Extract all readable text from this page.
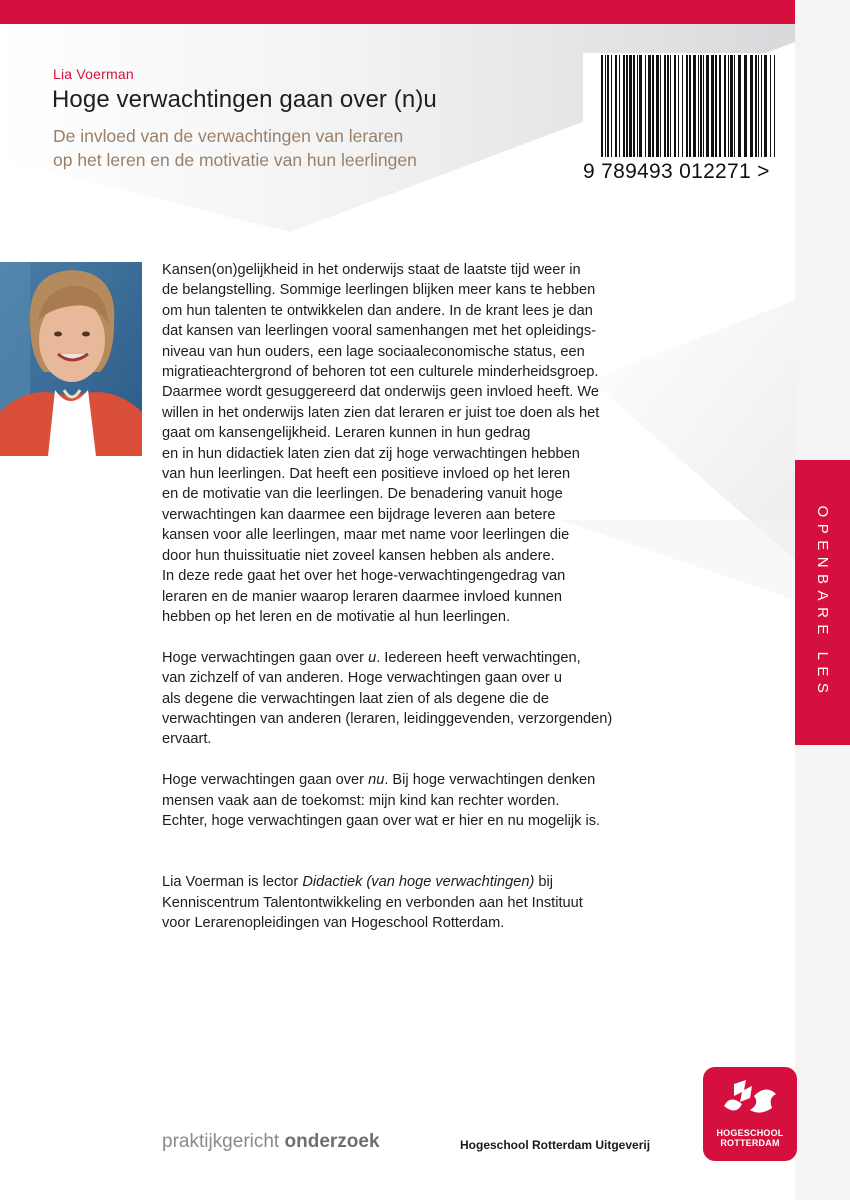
Lia Voerman
Hoge verwachtingen gaan over (n)u
De invloed van de verwachtingen van leraren
op het leren en de motivatie van hun leerlingen	9 789493 012271 >

Kansen(on)gelijkheid in het onderwijs staat de laatste tijd weer in
de belangstelling. Sommige leerlingen blijken meer kans te hebben
om hun talenten te ontwikkelen dan andere. In de krant lees je dan
dat kansen van leerlingen vooral samenhangen met het opleidings-
niveau van hun ouders, een lage sociaaleconomische status, een
migratieachtergrond of behoren tot een culturele minderheidsgroep.
Daarmee wordt gesuggereerd dat onderwijs geen invloed heeft. We
willen in het onderwijs laten zien dat leraren er juist toe doen als het
gaat om kansengelijkheid. Leraren kunnen in hun gedrag
en in hun didactiek laten zien dat zij hoge verwachtingen hebben
van hun leerlingen. Dat heeft een positieve invloed op het leren
en de motivatie van die leerlingen. De benadering vanuit hoge
verwachtingen kan daarmee een bijdrage leveren aan betere
kansen voor alle leerlingen, maar met name voor leerlingen die
door hun thuissituatie niet zoveel kansen hebben als andere.
In deze rede gaat het over het hoge-verwachtingengedrag van
leraren en de manier waarop leraren daarmee invloed kunnen
hebben op het leren en de motivatie al hun leerlingen.

Hoge verwachtingen gaan over u. Iedereen heeft verwachtingen,
van zichzelf of van anderen. Hoge verwachtingen gaan over u
als degene die verwachtingen laat zien of als degene die de
verwachtingen van anderen (leraren, leidinggevenden, verzorgenden)
ervaart.

Hoge verwachtingen gaan over nu. Bij hoge verwachtingen denken
mensen vaak aan de toekomst: mijn kind kan rechter worden.
Echter, hoge verwachtingen gaan over wat er hier en nu mogelijk is.

Lia Voerman is lector Didactiek (van hoge verwachtingen) bij
Kenniscentrum Talentontwikkeling en verbonden aan het Instituut
voor Lerarenopleidingen van Hogeschool Rotterdam.

OPENBARE LES
praktijkgericht onderzoek	Hogeschool Rotterdam Uitgeverij
HOGESCHOOL
ROTTERDAM
